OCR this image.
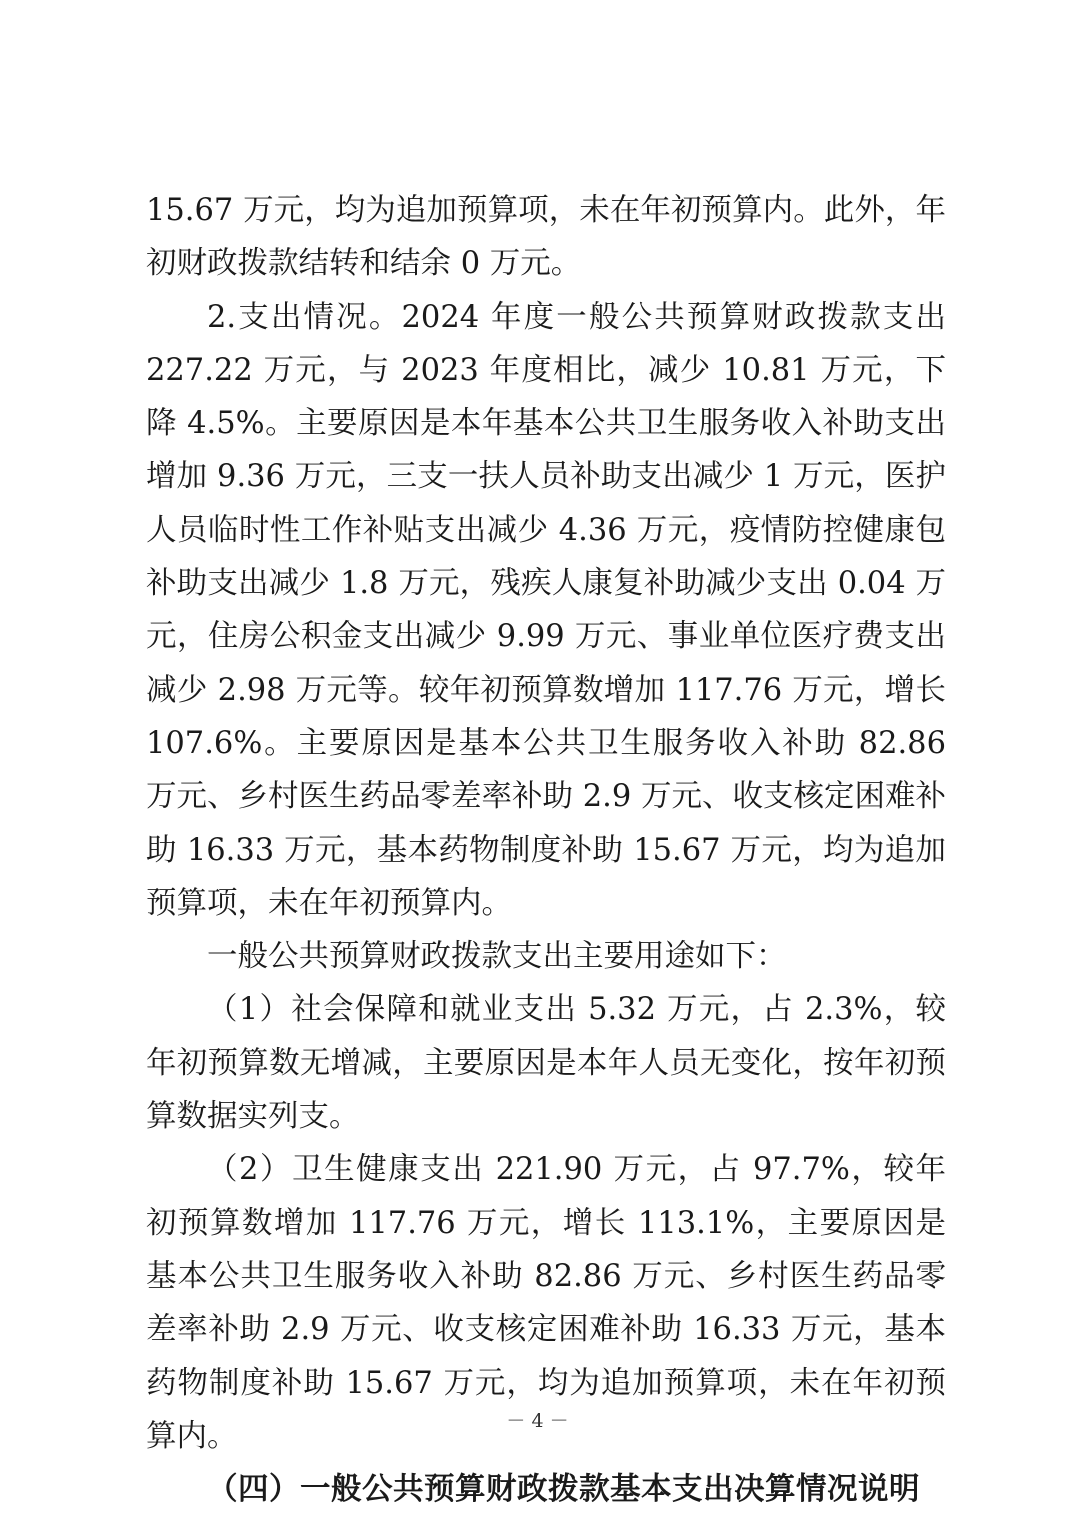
15.67 万元，均为追加预算项，未在年初预算内。此外，年初财政拨款结转和结余 0 万元。

2.支出情况。2024 年度一般公共预算财政拨款支出 227.22 万元，与 2023 年度相比，减少 10.81 万元，下降 4.5%。主要原因是本年基本公共卫生服务收入补助支出增加 9.36 万元，三支一扶人员补助支出减少 1 万元，医护人员临时性工作补贴支出减少 4.36 万元，疫情防控健康包补助支出减少 1.8 万元，残疾人康复补助减少支出 0.04 万元，住房公积金支出减少 9.99 万元、事业单位医疗费支出减少 2.98 万元等。较年初预算数增加 117.76 万元，增长 107.6%。主要原因是基本公共卫生服务收入补助 82.86 万元、乡村医生药品零差率补助 2.9 万元、收支核定困难补助 16.33 万元，基本药物制度补助 15.67 万元，均为追加预算项，未在年初预算内。

一般公共预算财政拨款支出主要用途如下：

（1）社会保障和就业支出 5.32 万元，占 2.3%，较年初预算数无增减，主要原因是本年人员无变化，按年初预算数据实列支。

（2）卫生健康支出 221.90 万元，占 97.7%，较年初预算数增加 117.76 万元，增长 113.1%，主要原因是基本公共卫生服务收入补助 82.86 万元、乡村医生药品零差率补助 2.9 万元、收支核定困难补助 16.33 万元，基本药物制度补助 15.67 万元，均为追加预算项，未在年初预算内。

（四）一般公共预算财政拨款基本支出决算情况说明

－ 4 －
